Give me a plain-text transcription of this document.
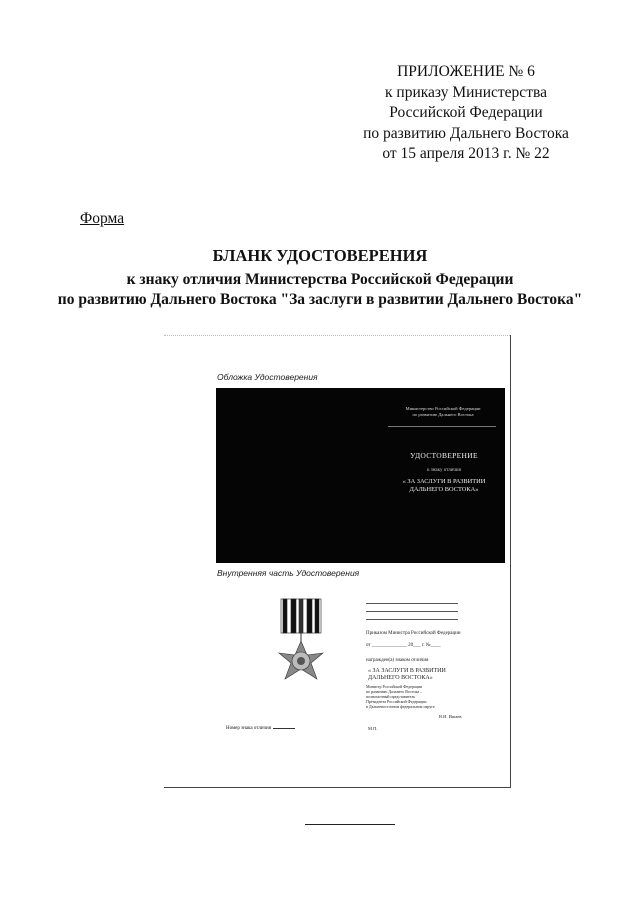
ПРИЛОЖЕНИЕ № 6
к приказу Министерства
Российской Федерации
по развитию Дальнего Востока
от 15 апреля 2013 г. № 22
Форма
БЛАНК УДОСТОВЕРЕНИЯ
к знаку отличия Министерства Российской Федерации
по развитию Дальнего Востока "За заслуги в развитии Дальнего Востока"
Обложка Удостоверения
Министерство Российской Федерации
по развитию Дальнего Востока
УДОСТОВЕРЕНИЕ
к знаку отличия
« ЗА ЗАСЛУГИ В РАЗВИТИИ
ДАЛЬНЕГО ВОСТОКА»
Внутренняя часть Удостоверения
Приказом Министра Российской Федерации
от ______________ 20___ г. №____
награжден(а) знаком отличия
« ЗА ЗАСЛУГИ В РАЗВИТИИ
ДАЛЬНЕГО ВОСТОКА»
Министр Российской Федерации
по развитию Дальнего Востока –
полномочный представитель
Президента Российской Федерации
в Дальневосточном федеральном округе
В.И. Ишаев
М.П.
Номер знака отличия
